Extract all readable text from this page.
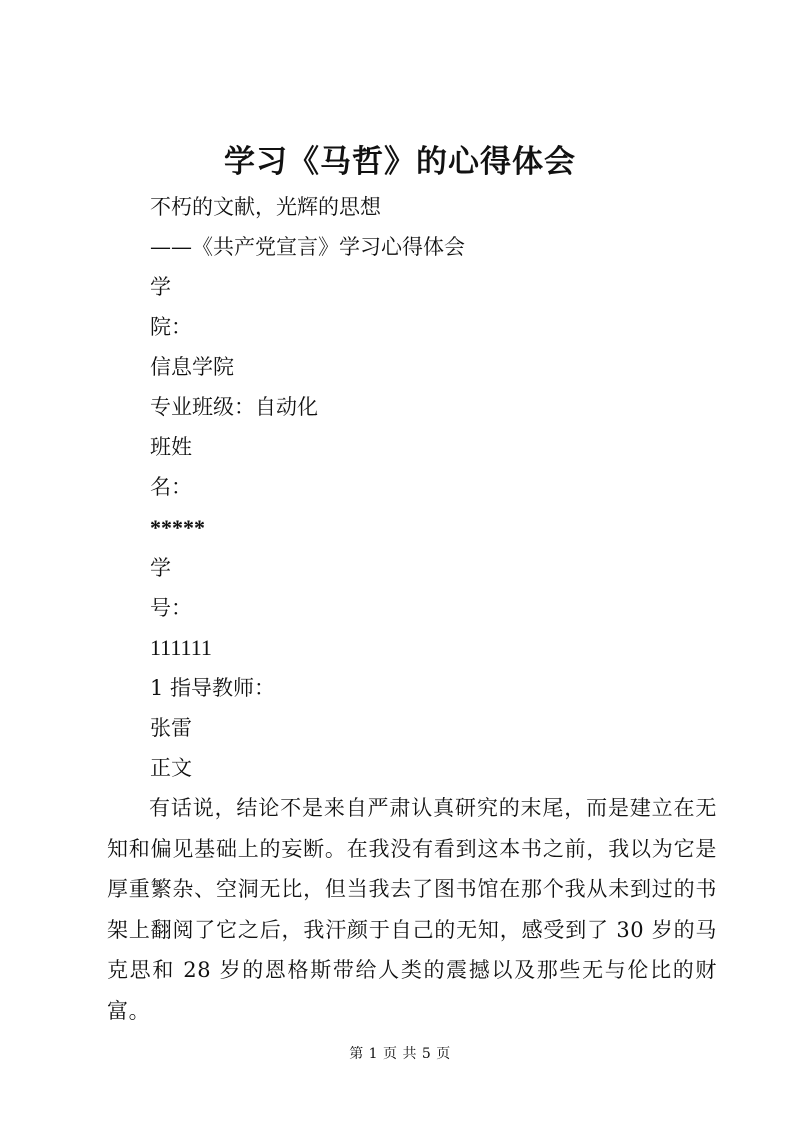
学习《马哲》的心得体会
不朽的文献，光辉的思想
——《共产党宣言》学习心得体会
学
院：
信息学院
专业班级：自动化
班姓
名：
*****
学
号：
111111
1 指导教师：
张雷
正文
有话说，结论不是来自严肃认真研究的末尾，而是建立在无知和偏见基础上的妄断。在我没有看到这本书之前，我以为它是厚重繁杂、空洞无比，但当我去了图书馆在那个我从未到过的书架上翻阅了它之后，我汗颜于自己的无知，感受到了 30 岁的马克思和 28 岁的恩格斯带给人类的震撼以及那些无与伦比的财富。
第 1 页 共 5 页
